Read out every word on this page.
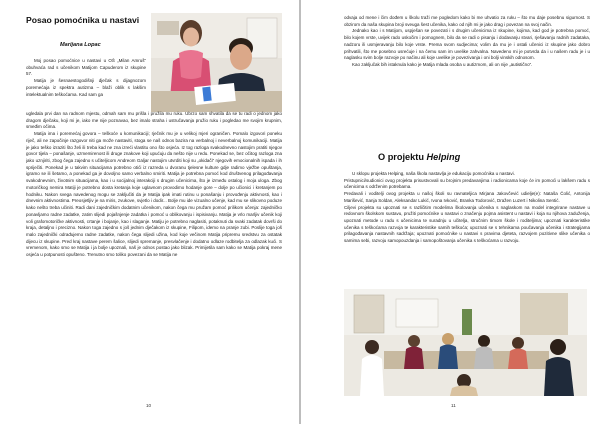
Posao pomoćnika u nastavi
Marijana Lopac

Moj posao pomoćnice u nastavi u OŠ „Milan Amruš“ obuhvaća rad s učenikom Matijom Capuderom iz skupine 57.

Matija je šesnaestogodišnji dječak s dijagnozom poremećaja iz spektra autizma – blaži oblik s lakšim intelektualnim teškoćama. Kad sam ga

ugledala prvi dan na radnom mjestu, odmah sam mu prišla i pružila mu ruku. Ubrzo sam shvatila da se tu radi o jednom jako dragom dječaku, koji mi je, iako me nije poznavao, bez imalo straha i ustručavanja pružio ruku i pogledao me svojim krupnim, smeđim očima.

Matija ima i poremećaj govora – teškoće u komunikaciji; rječnik mu je u velikoj mjeri ograničen. Pomalo izgovori poneku riječ, ali ne započinje razgovor niti ga može nastaviti, stoga se naš odnos bazira na verbalnoj i neverbalnoj komunikaciji. Matija je jako teško izraziti što želi ili treba kad ne zna izreći vlastitu ono što osjeća. Iz tog razloga svakodnevno nastojim pratiti njegov govor tijela – ponašanje, uzmemirenost ili druge znakove koji upućuju da nešto nije u redu. Ponekad se, bez očitog razloga zna jako uznjiriti, zbog čega zajedno s učiteljicom Andreom Galjar nastojim utvrditi koji su „okidači“ njegovih emocionalnih ispada i ih spriječiti. Ponekad je u takvim situacijama potrebno otići iz razreda u dvoranu tjelesne kulture gdje radimo vježbe opuštanja, igramo se ili šetamo, a ponekad ga je dovoljno samo verbalno smiriti. Matija je potrebna pomoć kod društvenog prilagođavanja svakodnevnim, životnim situacijama, kao i u socijalnoj interakciji s drugim učenicima, što je između ostalog i moja uloga. Zbog motoričkog nemira Matiji je potrebno dosta kretanja koje uglavnom provodimo hodanje gore – dolje po učionici i kretanjem po hodniku. Nakon svega navedenog mogu se zaključiti da je Matija ipak imati rutinu u ponašanju i provođenju aktivnosti, kao i dnevnim aktivnostima. Preosjetljiv je na miris, zvukove, svjetlo i dodir... Bolje mu ide vizualno učenje, kad mu se slikovno poduze kako nešto treba učiniti. Radi dani zajedničkim dodatnim učenikom, nakon čega mu pružam pomoć prilikom učenja: zajedničko ponavljamo radne zadatke, zatim slijedi pojašnjenje zadatka i pomoć u oblikovanju i ispisivanju. Matija je vrlo marljiv učenik koji voli grafomotoričke aktivnosti, crtanje i bojanje, kao i slaganje. Matiju je potrebno naglasiti, potaknuti da svaki zadatak dovrši do kraja, detaljno i precizno. Nakon toga zajedno s još jednim dječakom iz skupine, Filipom, idemo na pranje zubi. Poslije toga još malo zajednički odrađujemo radne zadatke, nakon čega slijedi užina, kod koje večinom Matija pripremu sredstvu za ostatak dijecu iz skupine. Pred kraj nastave perem šalice, slijedi spremanje, presvlačenje i dodatno odlaze rodbitelja za odlazak kući. S vremenom, kako smo se Matija i ja bolje upoznali, naš je odnos postao jako blizak. Primijetila sam kako se Matija pokraj mene osjeća u potpunosti opušteno. Trenutno smo toliko povezani da se Matija ne

10

odvaja od mene i čim dođem u školu traži me pogledom kako bi me uhvatio za ruku – što mu daje posebnu sigurnost. S obzirom da naša skupina broji sveuga šest učenika, kako od njih mi je jako drag i povezan na svoj način.

Jednako kao i s Matijom, uspješan se povezati i s drugim učenicima iz skupine, kojima, kad god je potrebna pomoć, bilo kojem vrste, uvijek rado uskočim i pomognem, bilo da se radi o pisanju i dodavanju stvari, rješavanju radnih zadataka, nadzoru ili usmjeravanju bilo koje vrste. Prema svom sudjecima; volim da mu je i ostali učenici iz skupine jako dobro prihvatili, što me posebno usrećuje i na čemu sam im uvelike zahvalna. Navedeno mi je potvrda da i u našem radu je i u naglasku svim bolje razvoje po načinu ali koje uvelike je povezivanja i oni bolji vinskih odnosom.

Kao zaključak bih istaknula kako je Matija mlada osoba u autizmom, ali on nije „autistično“.

O projektu Helping

U sklopu projekta Helping, naša škola nastavlja je edukaciju pomoćnika u nastavi.

Pristupnici/sudionici ovog projekta prisustvovali su brojnim predavanjima i radionicama koje će im pomoći u lakšem radu s učenicima s održenim potrebama.

Predavali i voditelji ovog projekta u našoj školi su ravnateljica Mirjana Jakovčević udielje(e): Nataša Čolić, Antonija Marišević, Sanja Soldan, Aleksandar Lukić, Ivona Ivković, Branka Todorović, Dražen Luzert i Nikolina Sentić.

Ciljevi projekta su upoznati se s različitim modelima školovanja učenika s naglaskom na model integrirane nastave u redovnom školskom sustavu, pružiti pomoćnike u nastavi o značenju pojma asistent u nastavi i koja su njihova zaduženja, upoznati metode u radu s učenicima te suradnju u učitelja, stručnim timom škole i roditeljima; upoznati karakteristike učenika s teškoćama razvoja te karakteristike samih teškoća; upoznati se s tehnikama poučavanja učenika i strategijama prilagođavanja nastavnih sadržaja; upoznati pomoćnike u nastavi s pravima djeteta, razvojem pozitivne slike učenika o samima sebi, razvoju samopouzdanja i samopoštovanja učenika s teškoćama u razvoju.

11
